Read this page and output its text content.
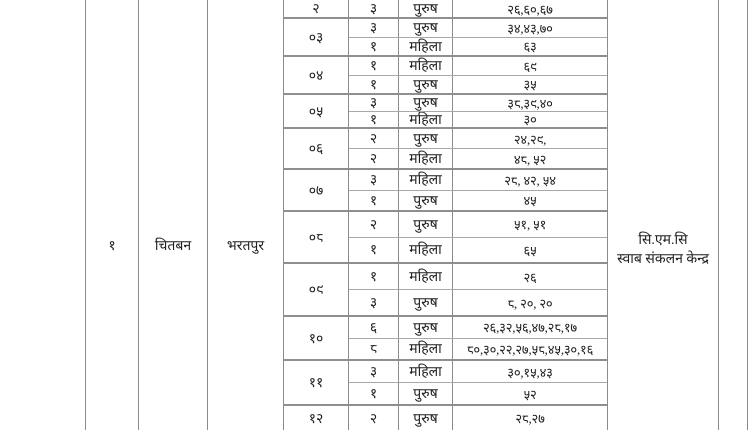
१	चितबन	भरतपुर
२	३	पुरुष	२६,६०,६७
०३
३	पुरुष	३४,४३,७०
१	महिला	६३
०४
१	महिला	६९
१	पुरुष	३५
०५
३	पुरुष	३८,३९,४०
१	महिला	३०
०६
२	पुरुष	२४,२९,
२	महिला	४८, ५२
०७
३	महिला	२८, ४२, ५४
१	पुरुष	४५
०८
२	पुरुष	५१, ५१
१	महिला	६५
०९
१	महिला	२६
३	पुरुष	८, २०, २०
१०
६	पुरुष	२६,३२,५६,४७,२८,१७
८	महिला	८०,३०,२२,२७,५८,४५,३०,१६
११
३	महिला	३०,१५,४३
१	पुरुष	५२
१२	२	पुरुष	२८,२७
सि.एम.सि
स्वाब संकलन केन्द्र
